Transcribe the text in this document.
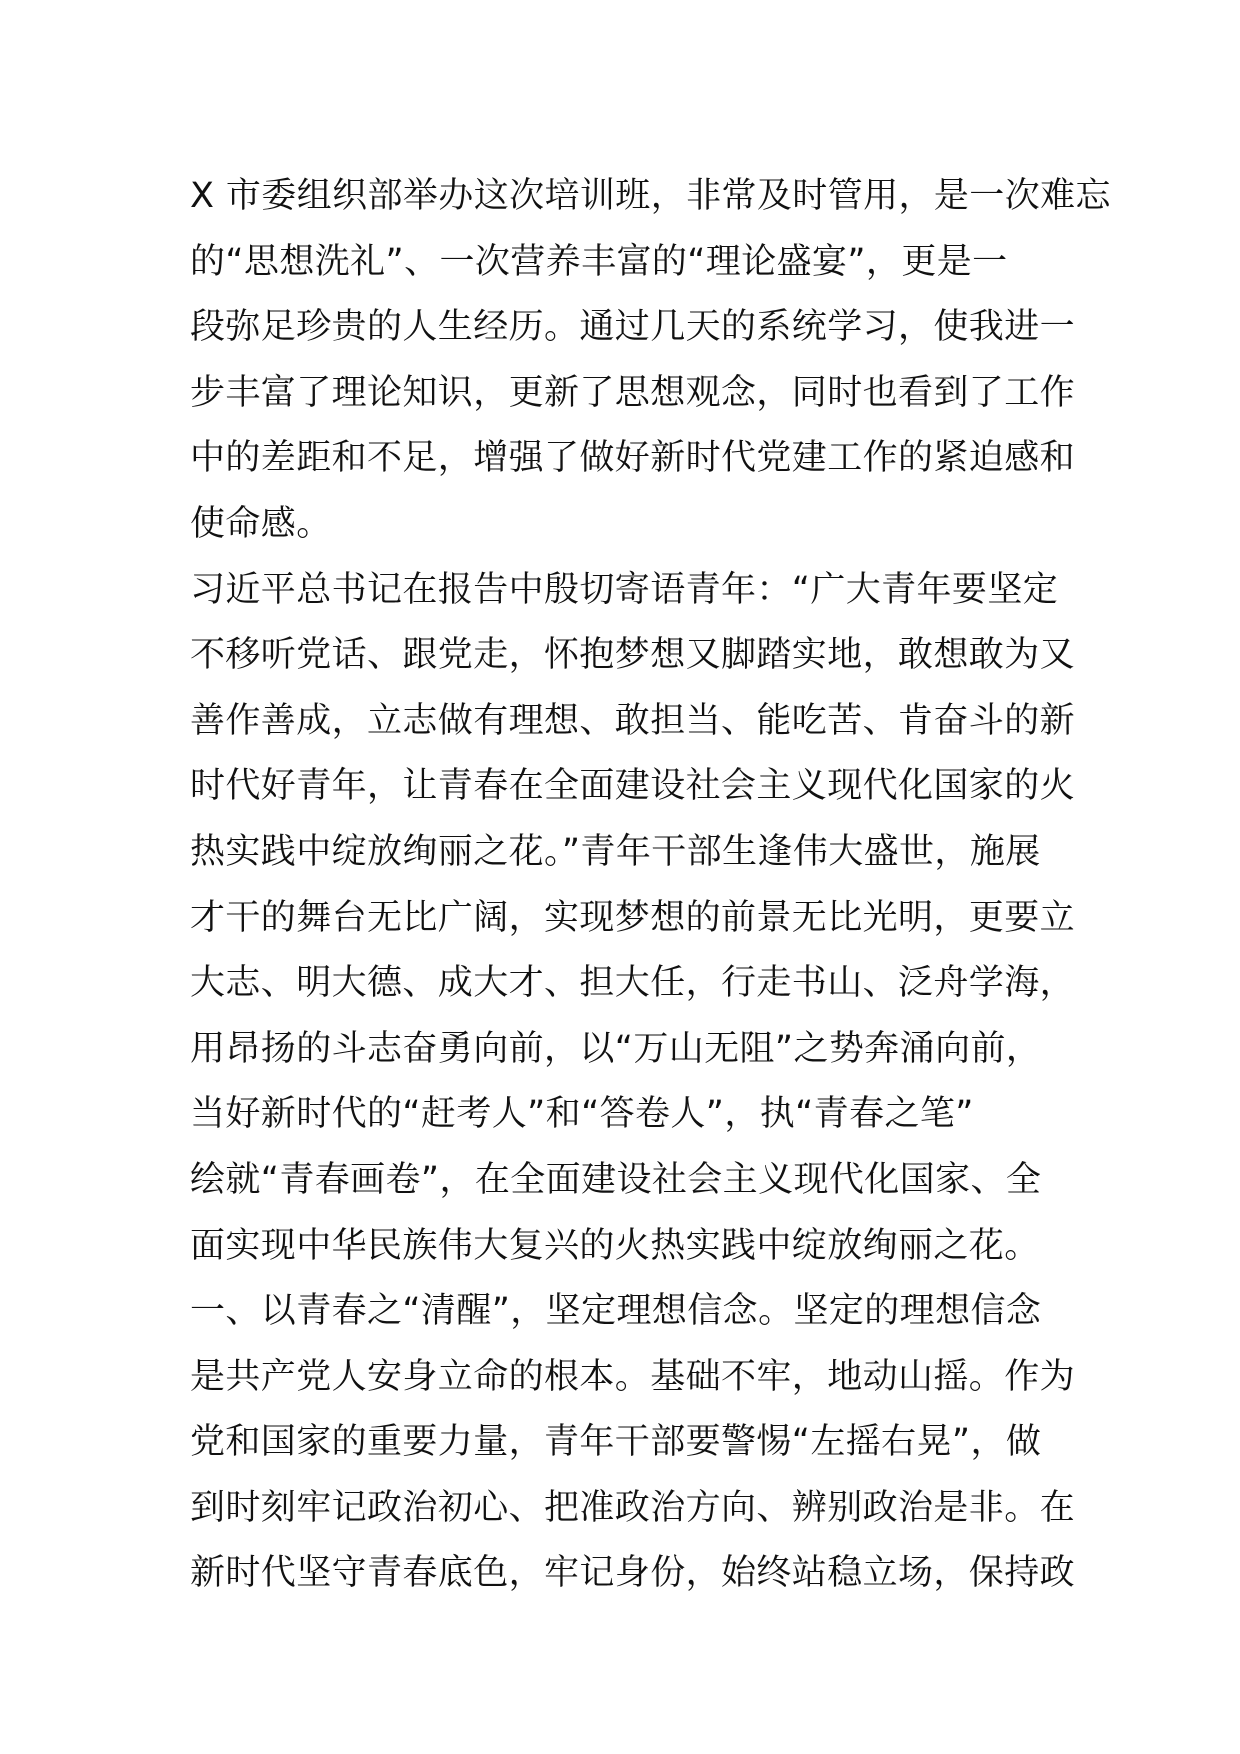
X 市委组织部举办这次培训班，非常及时管用，是一次难忘
的“思想洗礼”、一次营养丰富的“理论盛宴”，更是一
段弥足珍贵的人生经历。通过几天的系统学习，使我进一
步丰富了理论知识，更新了思想观念，同时也看到了工作
中的差距和不足，增强了做好新时代党建工作的紧迫感和
使命感。
习近平总书记在报告中殷切寄语青年：“广大青年要坚定
不移听党话、跟党走，怀抱梦想又脚踏实地，敢想敢为又
善作善成，立志做有理想、敢担当、能吃苦、肯奋斗的新
时代好青年，让青春在全面建设社会主义现代化国家的火
热实践中绽放绚丽之花。”青年干部生逢伟大盛世，施展
才干的舞台无比广阔，实现梦想的前景无比光明，更要立
大志、明大德、成大才、担大任，行走书山、泛舟学海，
用昂扬的斗志奋勇向前，以“万山无阻”之势奔涌向前，
当好新时代的“赶考人”和“答卷人”，执“青春之笔”
绘就“青春画卷”，在全面建设社会主义现代化国家、全
面实现中华民族伟大复兴的火热实践中绽放绚丽之花。
一、以青春之“清醒”，坚定理想信念。坚定的理想信念
是共产党人安身立命的根本。基础不牢，地动山摇。作为
党和国家的重要力量，青年干部要警惕“左摇右晃”，做
到时刻牢记政治初心、把准政治方向、辨别政治是非。在
新时代坚守青春底色，牢记身份，始终站稳立场，保持政
